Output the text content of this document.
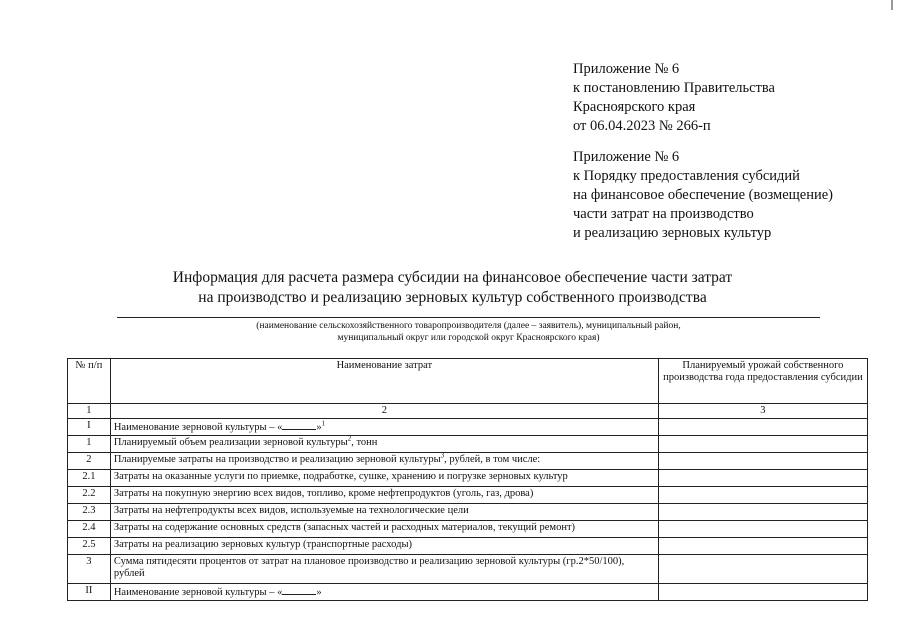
Приложение № 6
к постановлению Правительства
Красноярского края
от 06.04.2023 № 266-п
Приложение № 6
к Порядку предоставления субсидий
на финансовое обеспечение (возмещение)
части затрат на производство
и реализацию зерновых культур
Информация для расчета размера субсидии на финансовое обеспечение части затрат
на производство и реализацию зерновых культур собственного производства
(наименование сельскохозяйственного товаропроизводителя (далее – заявитель), муниципальный район,
муниципальный округ или городской округ Красноярского края)
№ п/п	Наименование затрат	Планируемый урожай собственного производства года предоставления субсидии
1	2	3
I	Наименование зерновой культуры – « »$^1$	
1	Планируемый объем реализации зерновой культуры$^2$, тонн	
2	Планируемые затраты на производство и реализацию зерновой культуры$^3$, рублей, в том числе:	
2.1	Затраты на оказанные услуги по приемке, подработке, сушке, хранению и погрузке зерновых культур	
2.2	Затраты на покупную энергию всех видов, топливо, кроме нефтепродуктов (уголь, газ, дрова)	
2.3	Затраты на нефтепродукты всех видов, используемые на технологические цели	
2.4	Затраты на содержание основных средств (запасных частей и расходных материалов, текущий ремонт)	
2.5	Затраты на реализацию зерновых культур (транспортные расходы)	
3	Сумма пятидесяти процентов от затрат на плановое производство и реализацию зерновой культуры (гр.2*50/100), рублей	
II	Наименование зерновой культуры – « »	
